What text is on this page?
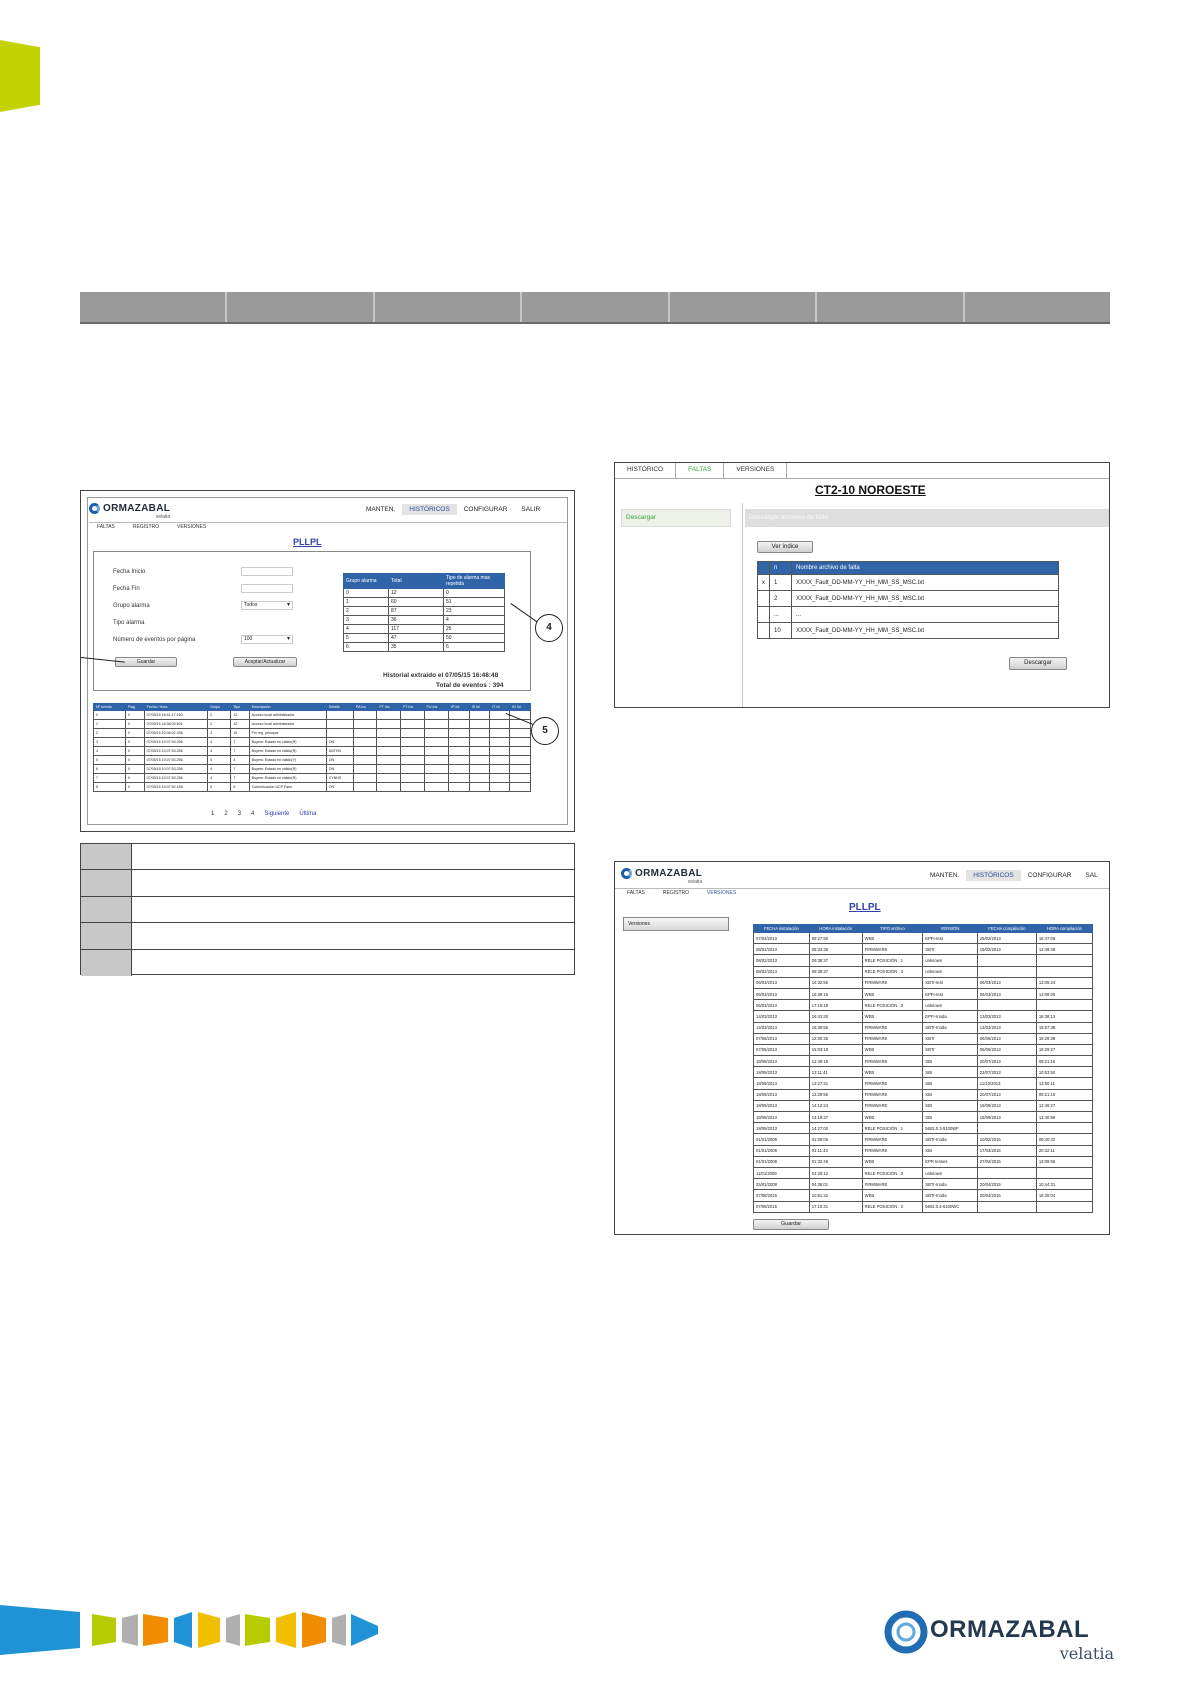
ORMAZABAL
velatia
MANTEN.	HISTÓRICOS	CONFIGURAR	SALIR
FALTAS	REGISTRO	VERSIONES
PLLPL
Fecha Inicio
Fecha Fin
Grupo alarma	Todos ▾
Tipo alarma
Número de eventos por página	100 ▾
Guardar	Aceptar/Actualizar
Grupo alarma	Total	Tipo de alarma mas repetida
0	12	0
1	60	51
2	87	23
3	36	4
4	117	25
5	47	50
6	35	6
Historial extraido el 07/05/15 16:48:48
Total de eventos : 394
Nº evento	Flag	Fecha / Hora	Grupo	Tipo	Descripción	Detalle	PA Ins	PT Ins	FT Ins	PU Ins	IR Ini	IS Ini	IT Ini	IN Ini
0	0	07/05/15 16:41:17.160	2	12	Acceso local administrador									
1	0	07/05/15 16:38:09.601	2	12	Acceso local administrador									
2	0	07/05/15 10:06:02.336	3	15	Fin reg. principal									
3	0	07/05/15 10:07:53.256	4	7	Buyers: Estado en válido(R)	ON								
4	0	07/05/15 10:07:53.256	4	7	Buyers: Estado en válido(R)	ANTHD								
5	0	07/05/15 10:07:53.256	4	4	Buyers: Estado en válido(Y)	ON								
6	0	07/05/15 10:07:53.256	4	7	Buyers: Estado en válido(R)	ON								
7	0	07/05/15 10:07:53.256	4	7	Buyers: Estado en válido(R)	CYNHS								
8	0	07/05/15 10:07:52.166	6	6	Comunicación UCP Fase	ON								
1 2 3 4 Siguiente Última
4
5
HISTÓRICO	FALTAS	VERSIONES
CT2-10 NOROESTE
Descargar	Descargar archivos de falta
Ver índice
	n	Nombre archivo de falta
x	1	XXXX_Fault_DD-MM-YY_HH_MM_SS_MSC.txt
	2	XXXX_Fault_DD-MM-YY_HH_MM_SS_MSC.txt
	...	...
	10	XXXX_Fault_DD-MM-YY_HH_MM_SS_MSC.txt
Descargar
ORMAZABAL
velatia
MANTEN.	HISTÓRICOS	CONFIGURAR	SAL
FALTAS	REGISTRO	VERSIONES
PLLPL
Versiones
FECHA instalación	HORA instalación	TIPO archivo	VERSIÓN	FECHA compilación	HORA compilación
07/02/2013	09:27:50	WEB	EPFr-test	25/02/2013	16:47:06
08/02/2013	09:34:36	FIRMWARE	SBTr	19/02/2013	12:49:28
08/02/2013	09:38:37	RELE POSICIÓN : 1	unknown		
08/02/2013	09:38:37	RELE POSICIÓN : 3	unknown		
06/03/2013	16:32:56	FIRMWARE	SBTr-test	06/03/2013	13:05:24
06/03/2013	16:39:15	WEB	EPFr-test	06/03/2013	13:06:00
06/03/2013	17:15:19	RELE POSICIÓN : 3	unknown		
14/03/2013	16:41:30	WEB	EPFr-Inoda	13/03/2013	16:38:13
14/03/2013	16:39:56	FIRMWARE	SBTr-Inoda	13/03/2013	15:57:38
07/06/2013	12:00:35	FIRMWARE	SBTr	06/06/2013	16:29:39
07/06/2013	15:03:19	WEB	SBTr	06/06/2013	16:29:27
18/09/2013	12:49:15	FIRMWARE	SBI	20/07/2013	09:21:16
18/09/2013	13:11:41	WEB	SBI	22/07/2013	10:53:50
18/09/2013	13:27:31	FIRMWARE	SBI	11/10/2013	13:50:11
18/09/2013	13:29:58	FIRMWARE	SBI	20/07/2013	09:21:16
18/09/2013	14:12:24	FIRMWARE	SBI	18/09/2013	12:46:27
18/09/2013	14:19:37	WEB	SBI	18/09/2013	13:40:59
18/09/2013	14:27:00	RELE POSICIÓN : 1	5602.0.3-5100WF		
01/01/2008	01:09:05	FIRMWARE	SBTr-Inoda	10/02/2015	09:40:32
01/01/2008	01:11:43	FIRMWARE	SBI	17/03/2015	20:32:11
01/01/2008	01:32:46	WEB	EPR tenses	27/02/2015	13:09:55
11/01/2008	04:20:12	RELE POSICIÓN : 3	unknown		
25/01/2008	04:36:01	FIRMWARE	SBTr-Inoda	20/04/2015	10:44:31
07/08/2015	10:51:32	WEB	SBTr-Inoda	20/04/2015	16:30:04
07/08/2015	17:10:31	RELE POSICIÓN : 2	5602.0.4-5100WC		
Guardar
ORMAZABAL
velatia
